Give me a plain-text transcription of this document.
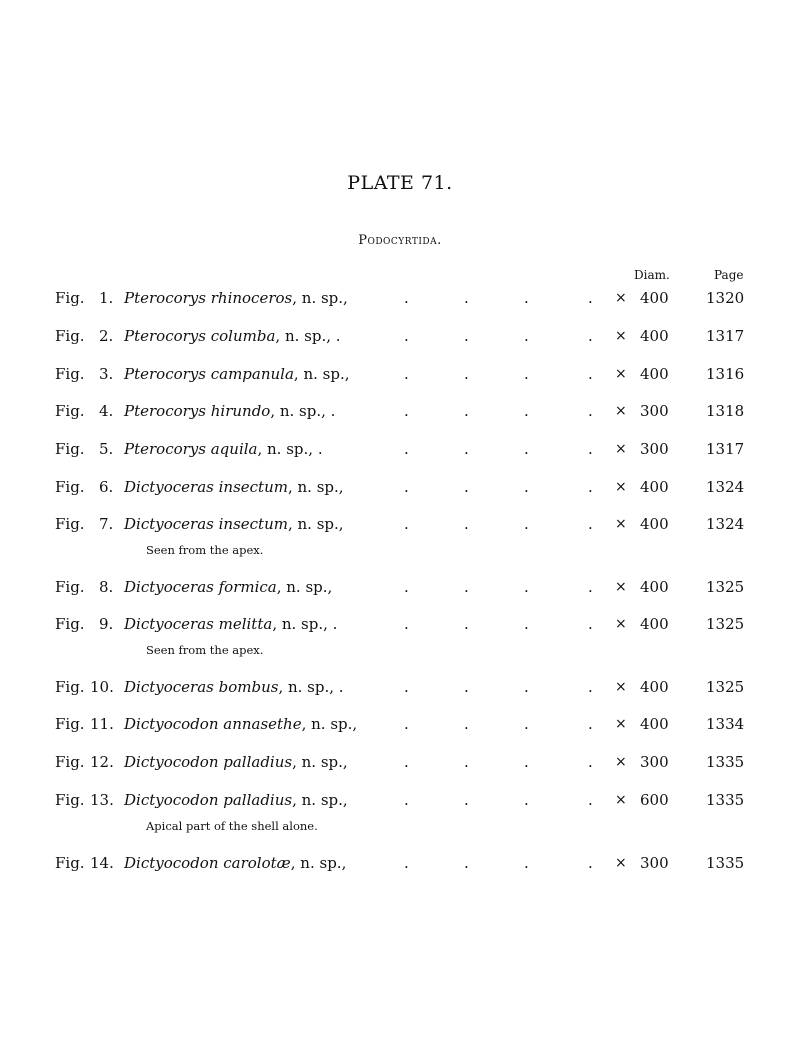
PLATE 71.
Podocyrtida.
Diam.	Page
Fig. 1. Pterocorys rhinoceros, n. sp.,	.	.	.	. × 400 1320
Fig. 2. Pterocorys columba, n. sp., .	.	.	.	. × 400 1317
Fig. 3. Pterocorys campanula, n. sp.,	.	.	.	. × 400 1316
Fig. 4. Pterocorys hirundo, n. sp., .	.	.	.	. × 300 1318
Fig. 5. Pterocorys aquila, n. sp., .	.	.	.	. × 300 1317
Fig. 6. Dictyoceras insectum, n. sp.,	.	.	.	. × 400 1324
Fig. 7. Dictyoceras insectum, n. sp.,	.	.	.	. × 400 1324
Seen from the apex.
Fig. 8. Dictyoceras formica, n. sp.,	.	.	.	. × 400 1325
Fig. 9. Dictyoceras melitta, n. sp., .	.	.	.	. × 400 1325
Seen from the apex.
Fig. 10. Dictyoceras bombus, n. sp., .	.	.	.	. × 400 1325
Fig. 11. Dictyocodon annasethe, n. sp.,	.	.	.	. × 400 1334
Fig. 12. Dictyocodon palladius, n. sp.,	.	.	.	. × 300 1335
Fig. 13. Dictyocodon palladius, n. sp.,	.	.	.	. × 600 1335
Apical part of the shell alone.
Fig. 14. Dictyocodon carolotæ, n. sp.,	.	.	.	. × 300 1335
